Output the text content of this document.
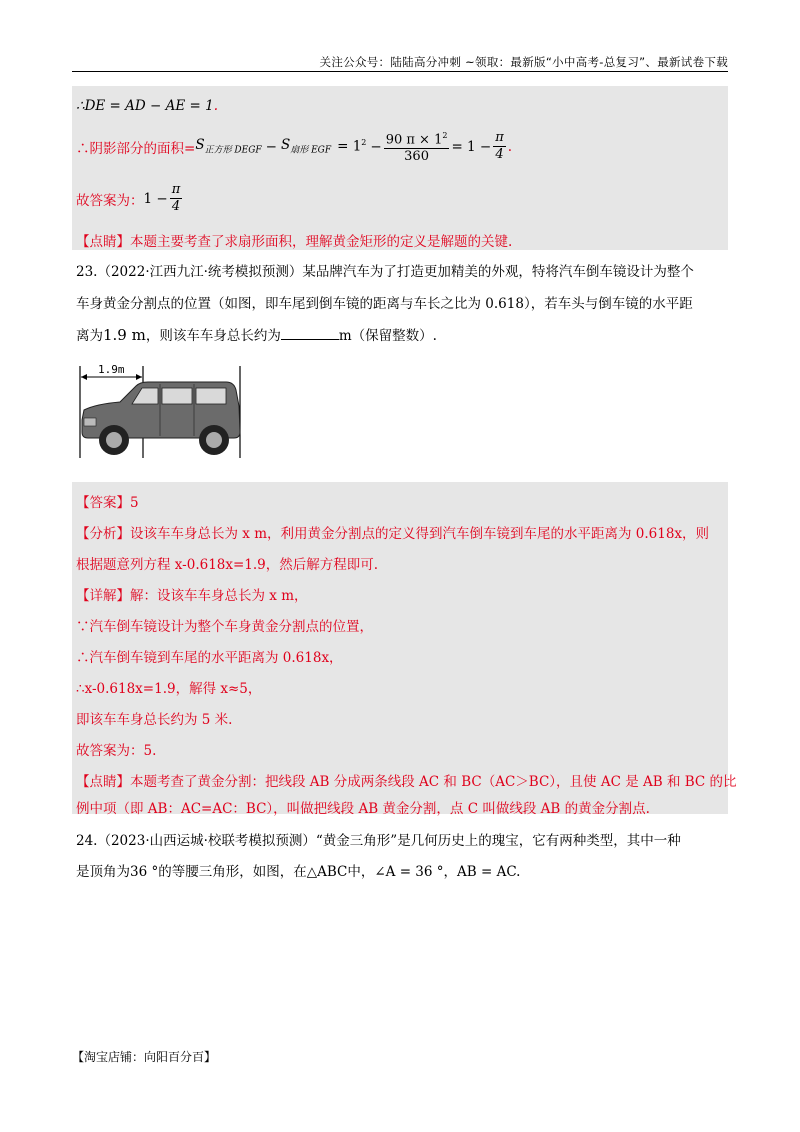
关注公众号：陆陆高分冲刺 ~领取：最新版“小中高考-总复习”、最新试卷下载
∴DE = AD − AE = 1.
∴阴影部分的面积= $S_{正方形 DEGF} - S_{扇形 EGF} = 1^2 - \frac{90 \pi \times 1^2}{360} = 1 - \frac{\pi}{4}$ .
故答案为： $1 - \frac{\pi}{4}$
【点睛】本题主要考查了求扇形面积，理解黄金矩形的定义是解题的关键.
23.（2022·江西九江·统考模拟预测）某品牌汽车为了打造更加精美的外观，特将汽车倒车镜设计为整个
车身黄金分割点的位置（如图，即车尾到倒车镜的距离与车长之比为 0.618），若车头与倒车镜的水平距
离为1.9 m，则该车车身总长约为	m（保留整数）.
1.9m
【答案】5
【分析】设该车车身总长为 x m，利用黄金分割点的定义得到汽车倒车镜到车尾的水平距离为 0.618x，则
根据题意列方程 x-0.618x=1.9，然后解方程即可.
【详解】解：设该车车身总长为 x m，
∵汽车倒车镜设计为整个车身黄金分割点的位置，
∴汽车倒车镜到车尾的水平距离为 0.618x，
∴x-0.618x=1.9，解得 x≈5，
即该车车身总长约为 5 米.
故答案为：5.
【点睛】本题考查了黄金分割：把线段 AB 分成两条线段 AC 和 BC（AC＞BC），且使 AC 是 AB 和 BC 的比
例中项（即 AB：AC=AC：BC），叫做把线段 AB 黄金分割，点 C 叫做线段 AB 的黄金分割点.
24.（2023·山西运城·校联考模拟预测）“黄金三角形”是几何历史上的瑰宝，它有两种类型，其中一种
是顶角为36 °的等腰三角形，如图，在△ABC中，∠A = 36 °，AB = AC.
【淘宝店铺：向阳百分百】
